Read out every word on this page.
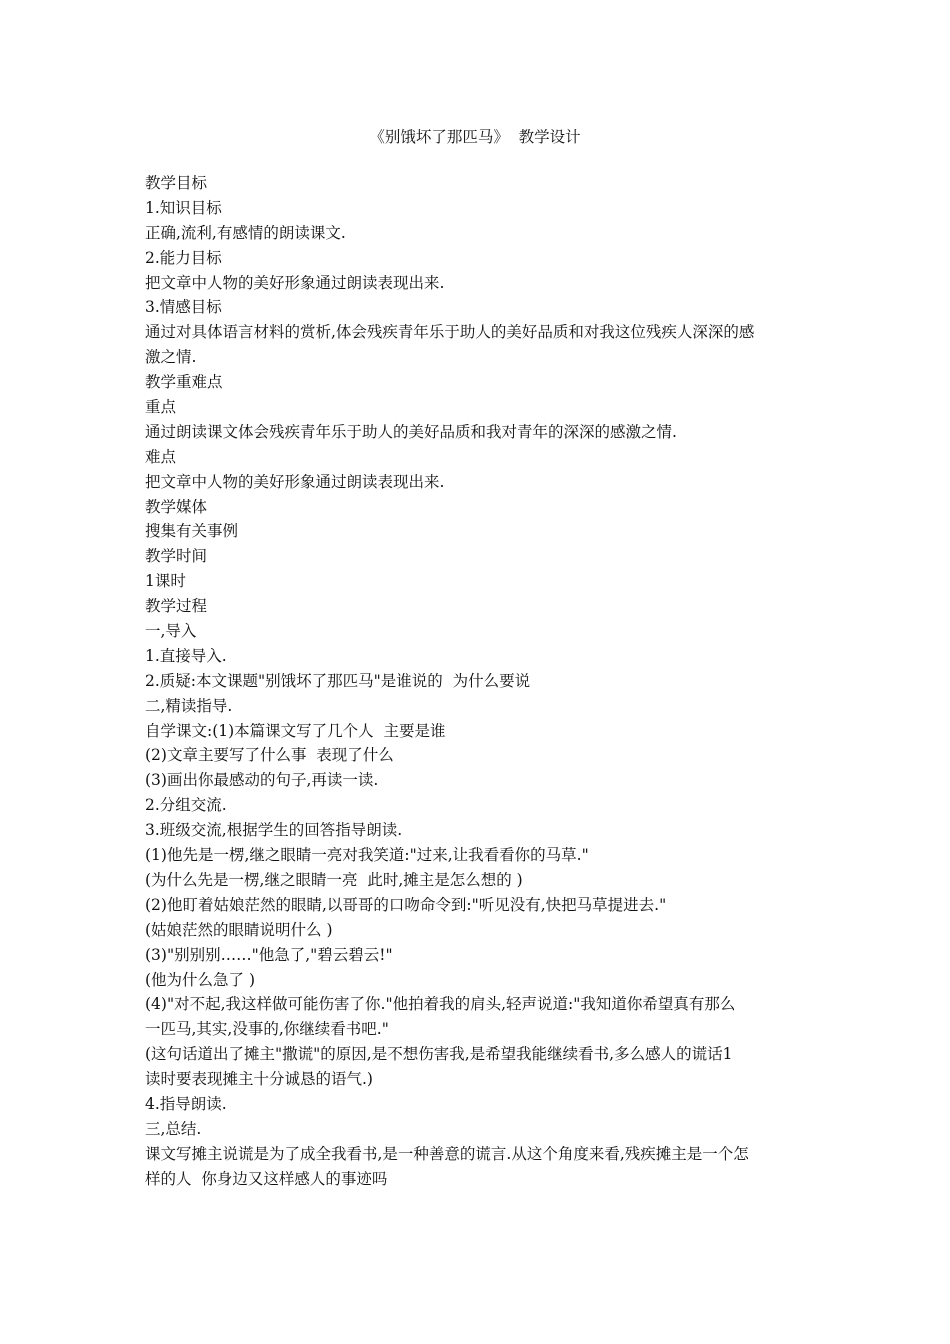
《别饿坏了那匹马》  教学设计
教学目标
1.知识目标
正确,流利,有感情的朗读课文.
2.能力目标
把文章中人物的美好形象通过朗读表现出来.
3.情感目标
通过对具体语言材料的赏析,体会残疾青年乐于助人的美好品质和对我这位残疾人深深的感
激之情.
教学重难点
重点
通过朗读课文体会残疾青年乐于助人的美好品质和我对青年的深深的感激之情.
难点
把文章中人物的美好形象通过朗读表现出来.
教学媒体
搜集有关事例
教学时间
1课时
教学过程
一,导入
1.直接导入.
2.质疑:本文课题"别饿坏了那匹马"是谁说的  为什么要说
二,精读指导.
自学课文:(1)本篇课文写了几个人  主要是谁
(2)文章主要写了什么事  表现了什么
(3)画出你最感动的句子,再读一读.
2.分组交流.
3.班级交流,根据学生的回答指导朗读.
(1)他先是一楞,继之眼睛一亮对我笑道:"过来,让我看看你的马草."
(为什么先是一楞,继之眼睛一亮  此时,摊主是怎么想的 )
(2)他盯着姑娘茫然的眼睛,以哥哥的口吻命令到:"听见没有,快把马草提进去."
(姑娘茫然的眼睛说明什么 )
(3)"别别别……"他急了,"碧云碧云!"
(他为什么急了 )
(4)"对不起,我这样做可能伤害了你."他拍着我的肩头,轻声说道:"我知道你希望真有那么
一匹马,其实,没事的,你继续看书吧."
(这句话道出了摊主"撒谎"的原因,是不想伤害我,是希望我能继续看书,多么感人的谎话1
读时要表现摊主十分诚恳的语气.)
4.指导朗读.
三,总结.
课文写摊主说谎是为了成全我看书,是一种善意的谎言.从这个角度来看,残疾摊主是一个怎
样的人  你身边又这样感人的事迹吗
